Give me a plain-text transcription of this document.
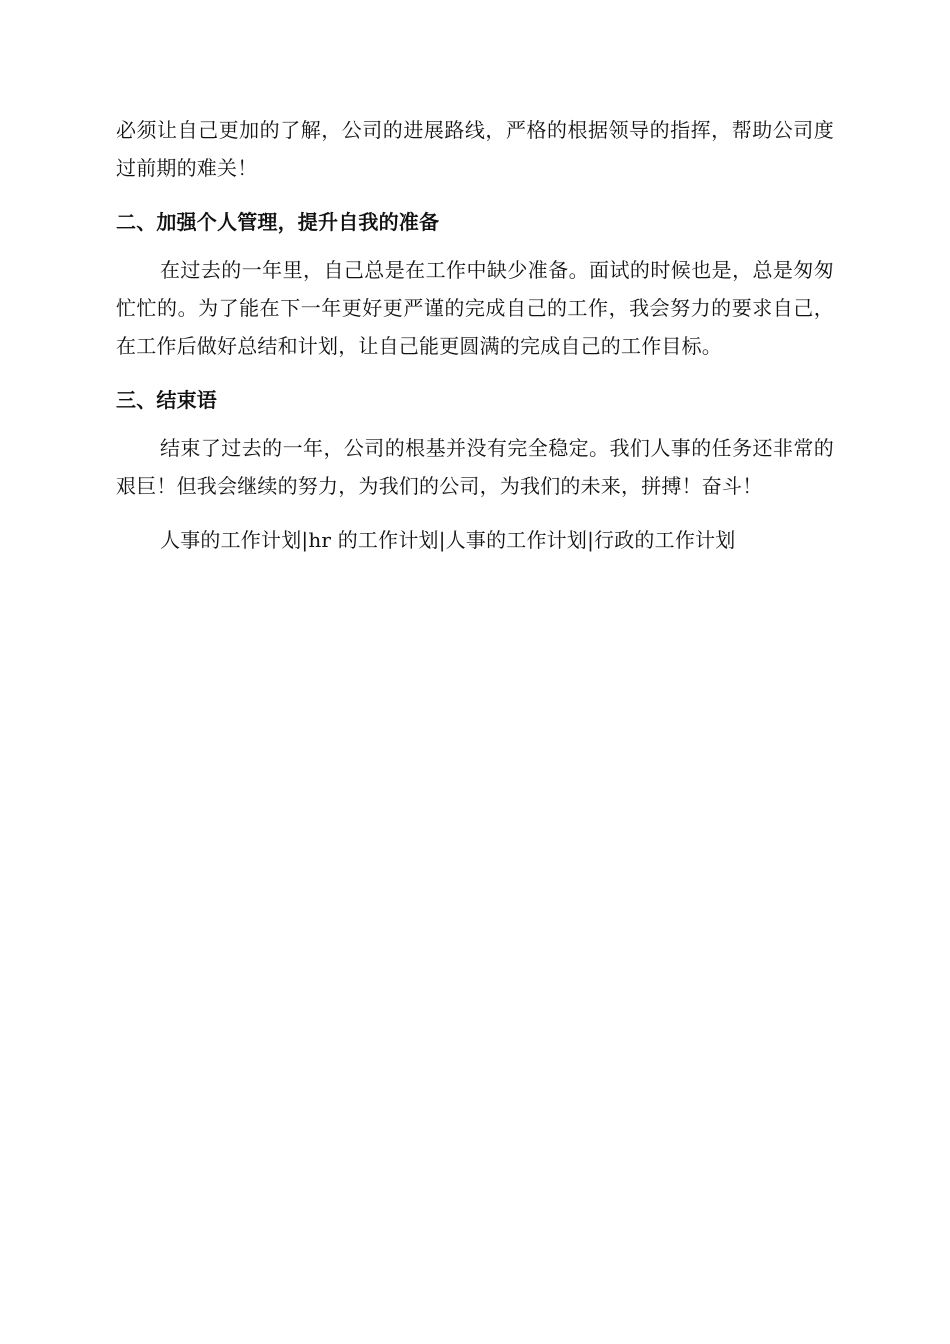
必须让自己更加的了解，公司的进展路线，严格的根据领导的指挥，帮助公司度过前期的难关！

二、加强个人管理，提升自我的准备

在过去的一年里，自己总是在工作中缺少准备。面试的时候也是，总是匆匆忙忙的。为了能在下一年更好更严谨的完成自己的工作，我会努力的要求自己，在工作后做好总结和计划，让自己能更圆满的完成自己的工作目标。

三、结束语

结束了过去的一年，公司的根基并没有完全稳定。我们人事的任务还非常的艰巨！但我会继续的努力，为我们的公司，为我们的未来，拼搏！奋斗！

人事的工作计划|hr 的工作计划|人事的工作计划|行政的工作计划
